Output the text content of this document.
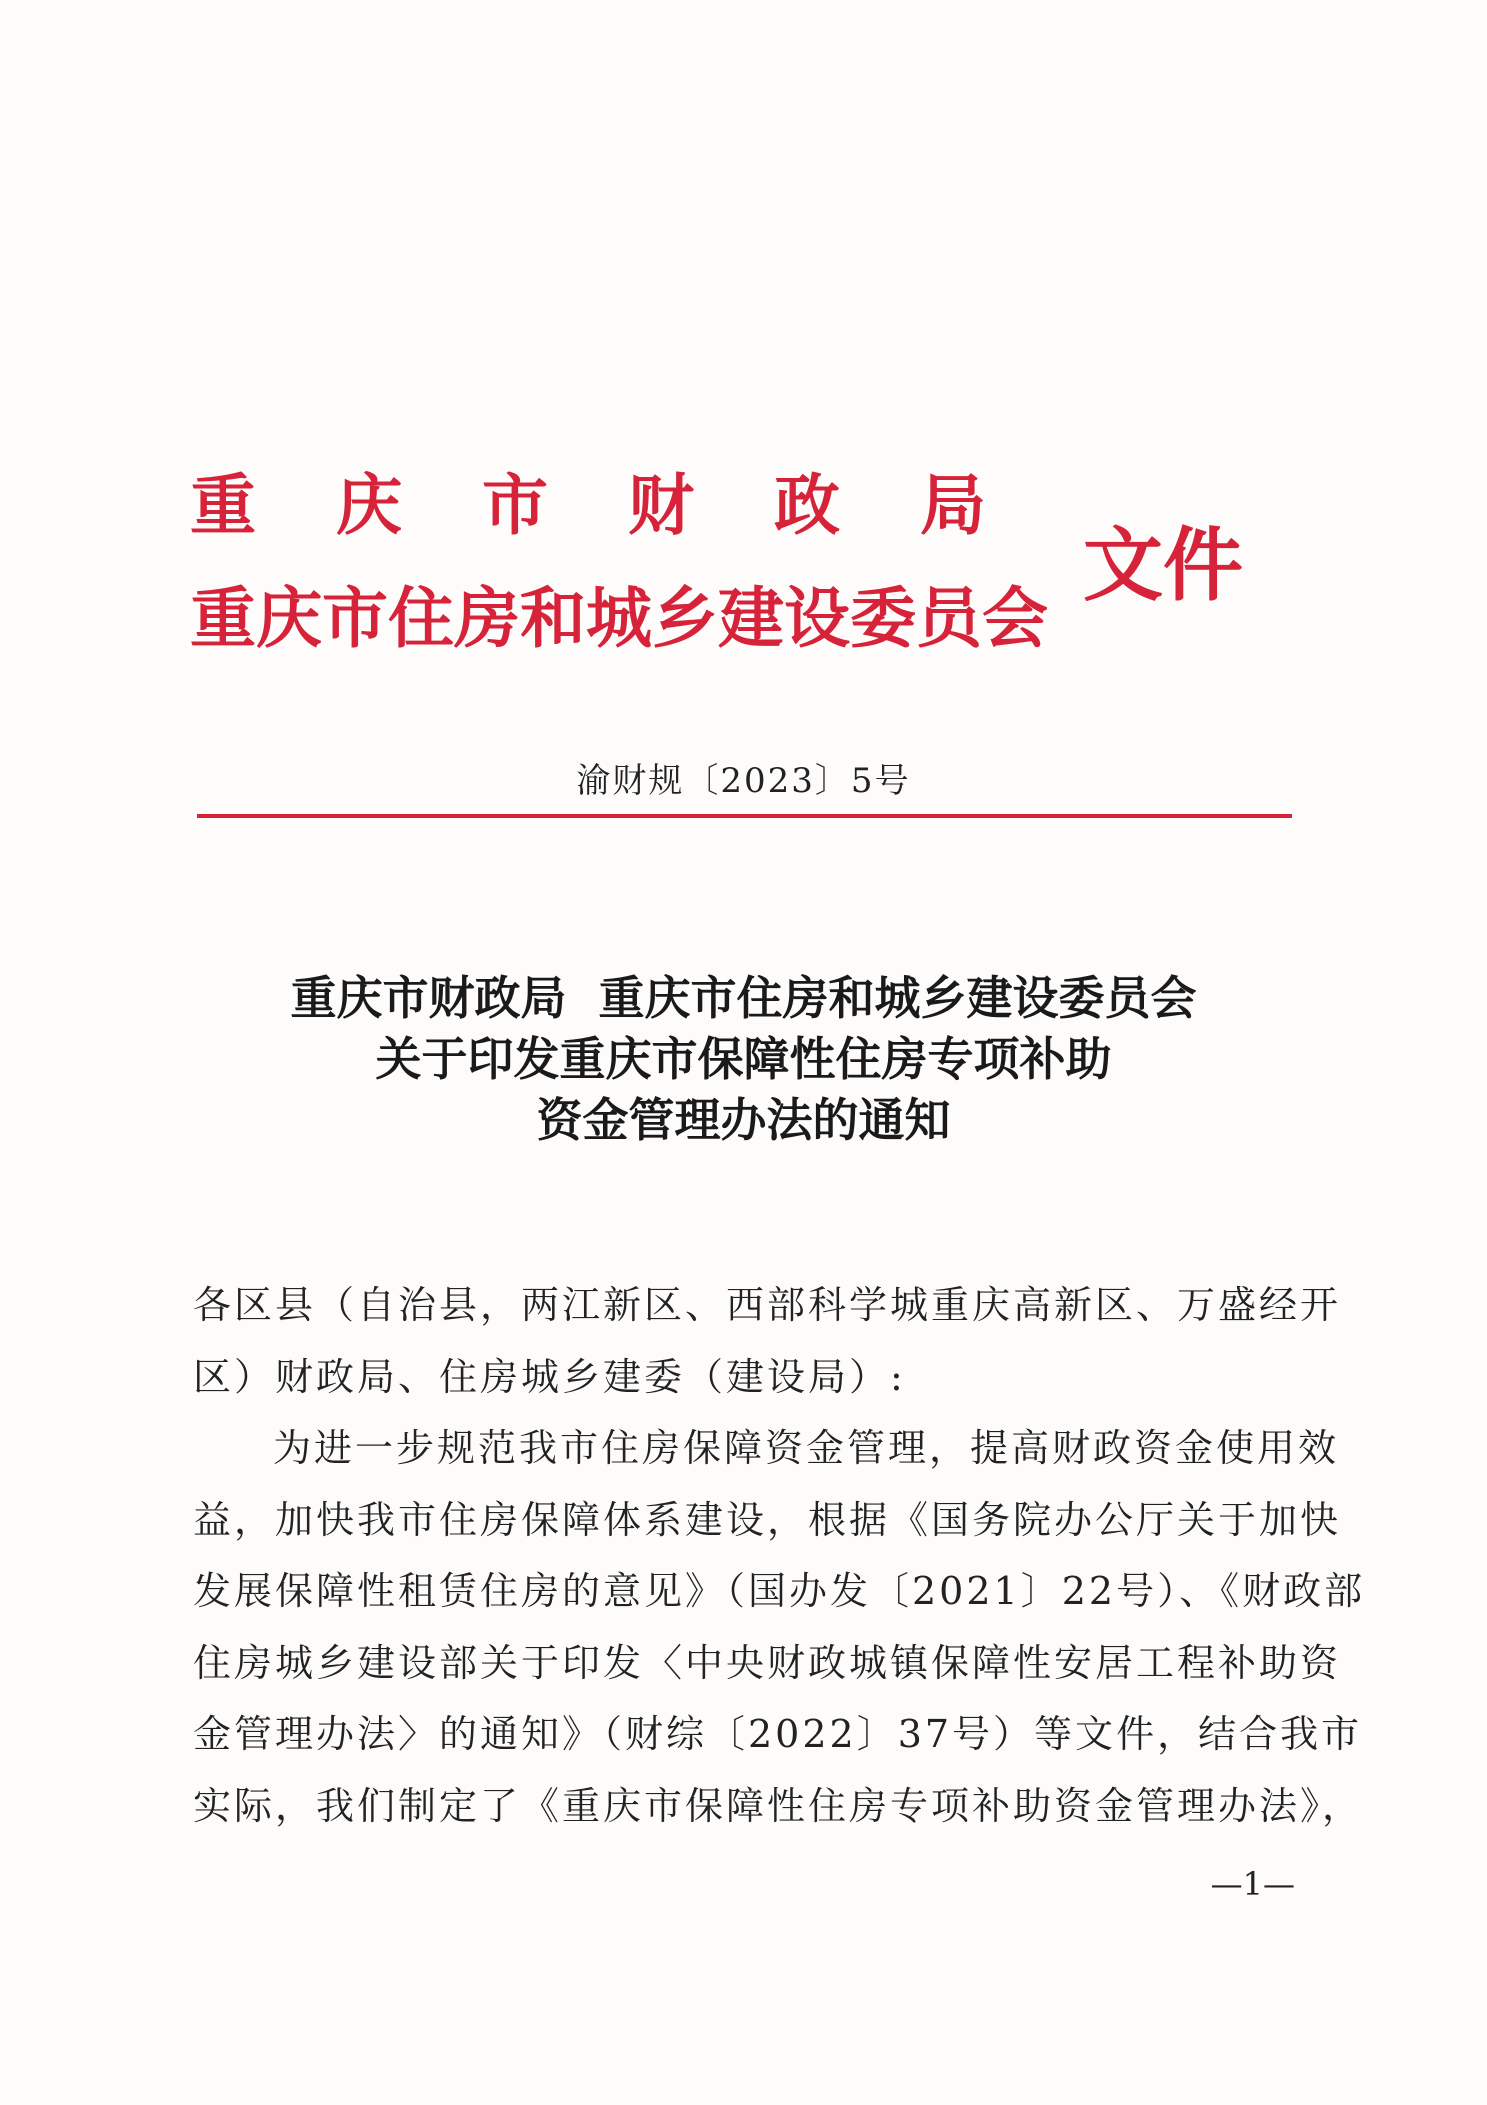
重 庆 市 财 政 局
重庆市住房和城乡建设委员会
文件
渝财规〔2023〕5号
重庆市财政局  重庆市住房和城乡建设委员会
关于印发重庆市保障性住房专项补助
资金管理办法的通知
各区县（自治县，两江新区、西部科学城重庆高新区、万盛经开
区）财政局、住房城乡建委（建设局）:
为进一步规范我市住房保障资金管理，提高财政资金使用效
益，加快我市住房保障体系建设，根据《国务院办公厅关于加快
发展保障性租赁住房的意见》（国办发〔2021〕22号）、《财政部
住房城乡建设部关于印发〈中央财政城镇保障性安居工程补助资
金管理办法〉的通知》（财综〔2022〕37号）等文件，结合我市
实际，我们制定了《重庆市保障性住房专项补助资金管理办法》，
—1—
